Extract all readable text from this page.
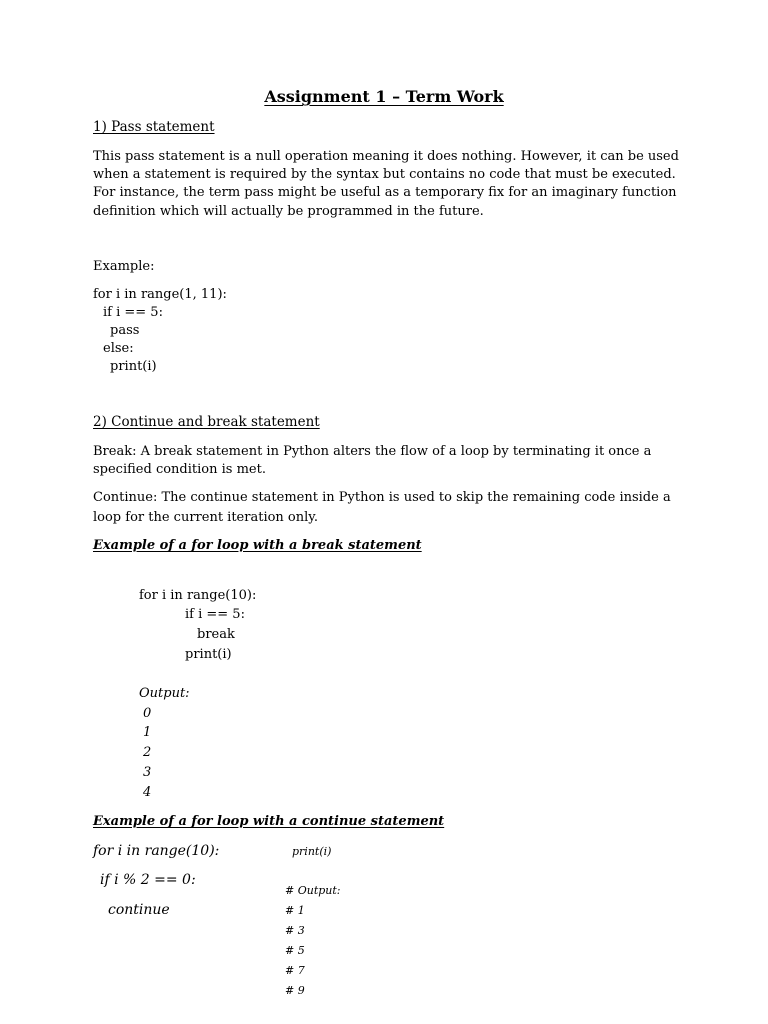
Assignment 1 – Term Work
1) Pass statement
This pass statement is a null operation meaning it does nothing. However, it can be used
when a statement is required by the syntax but contains no code that must be executed.
For instance, the term pass might be useful as a temporary fix for an imaginary function
definition which will actually be programmed in the future.
Example:
for i in range(1, 11):
if i == 5:
pass
else:
print(i)
2) Continue and break statement
Break: A break statement in Python alters the flow of a loop by terminating it once a
specified condition is met.
Continue: The continue statement in Python is used to skip the remaining code inside a
loop for the current iteration only.
Example of a for loop with a break statement
for i in range(10):
if i == 5:
break
print(i)
Output:
0
1
2
3
4
Example of a for loop with a continue statement
for i in range(10):
if i % 2 == 0:
continue
print(i)
# Output:
# 1
# 3
# 5
# 7
# 9
